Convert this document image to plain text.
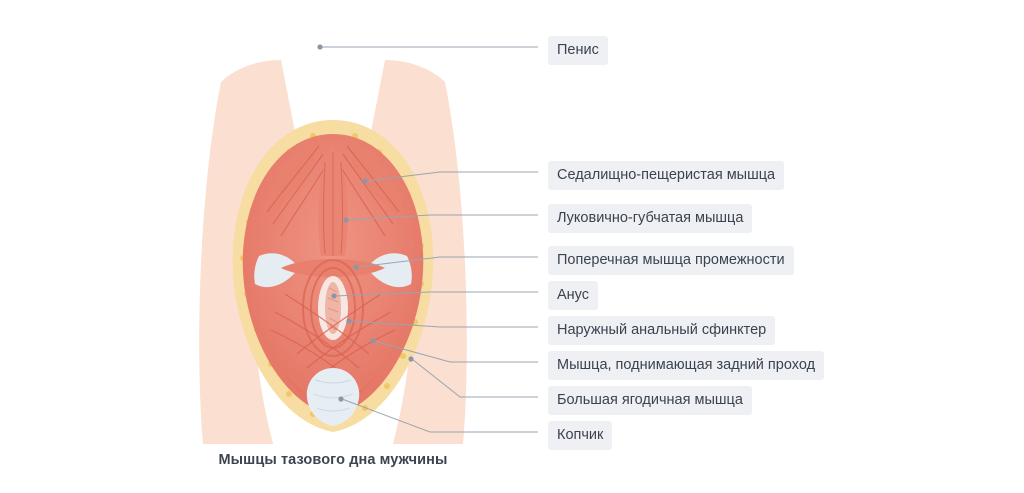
Пенис
Седалищно-пещеристая мышца
Луковично-губчатая мышца
Поперечная мышца промежности
Анус
Наружный анальный сфинктер
Мышца, поднимающая задний проход
Большая ягодичная мышца
Копчик
Мышцы тазового дна мужчины
